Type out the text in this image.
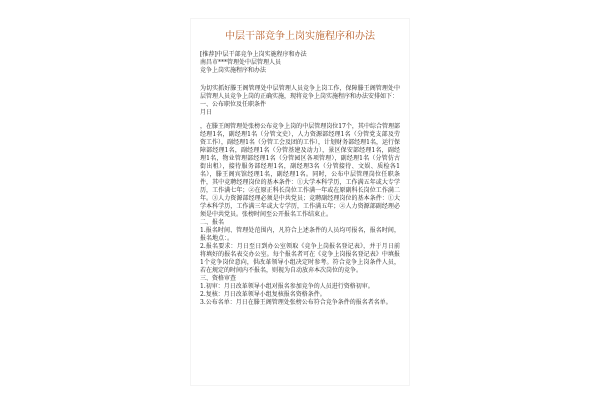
中层干部竞争上岗实施程序和办法

[推荐]中层干部竞争上岗实施程序和办法

南昌市***管理处中层管理人员

竞争上岗实施程序和办法

为切实抓好滕王阁管理处中层管理人员竞争上岗工作，保障滕王阁管理处中层管理人员竞争上岗的正确实施，现将竞争上岗实施程序和办法安排如下：

一、公布职位及任职条件

月日

，在滕王阁管理处张榜公布竞争上岗的中层管理岗位17个，其中综合管理部经理1名，副经理1名（分管文史），人力资源部经理1名（分管党支部及劳资工作），副经理1名（分管工会及团的工作），计划财务部经理1名，运行保障部经理1名，副经理1名（分管基建及动力），景区保安部经理1名，副经理1名，物业管理部经理1名（分管园区各项管理），副经理1名（分管仿古街出租），接待服务部经理1名，副经理3名（分管接待、文娱、质检各1名），滕王阁宾馆经理1名，副经理1名。同时，公布中层管理岗位任职条件，其中竞聘经理岗位的基本条件：①大学本科学历，工作满五年或大专学历，工作满七年；②在原正科长岗位工作满一年或在原副科长岗位工作满二年。③人力资源部经理必须是中共党员；竞聘副经理岗位的基本条件：①大学本科学历，工作满三年或大专学历，工作满五年；②人力资源部副经理必须是中共党员。张榜时间至公开报名工作结束止。

二、报名

1.报名时间、管理处范围内，凡符合上述条件的人员均可报名，报名时间，报名地点：。

2.报名要求：月日至日到办公室领取《竞争上岗报名登记表》，并于月日前将填好的报名表交办公室。每个报名者可在《竞争上岗报名登记表》中填报1个竞争岗位意向，供改革领导小组决定时参考。符合竞争上岗条件人员，若在规定的时间内不报名，则视为自动放弃本次岗位的竞争。

三、资格审查

1.初审：月日改革领导小组对报名参加竞争的人员进行资格初审。

2.复核：月日改革领导小组复核报名资格条件。

3.公布名单：月日在滕王阁管理处张榜公布符合竞争条件的报名者名单。
